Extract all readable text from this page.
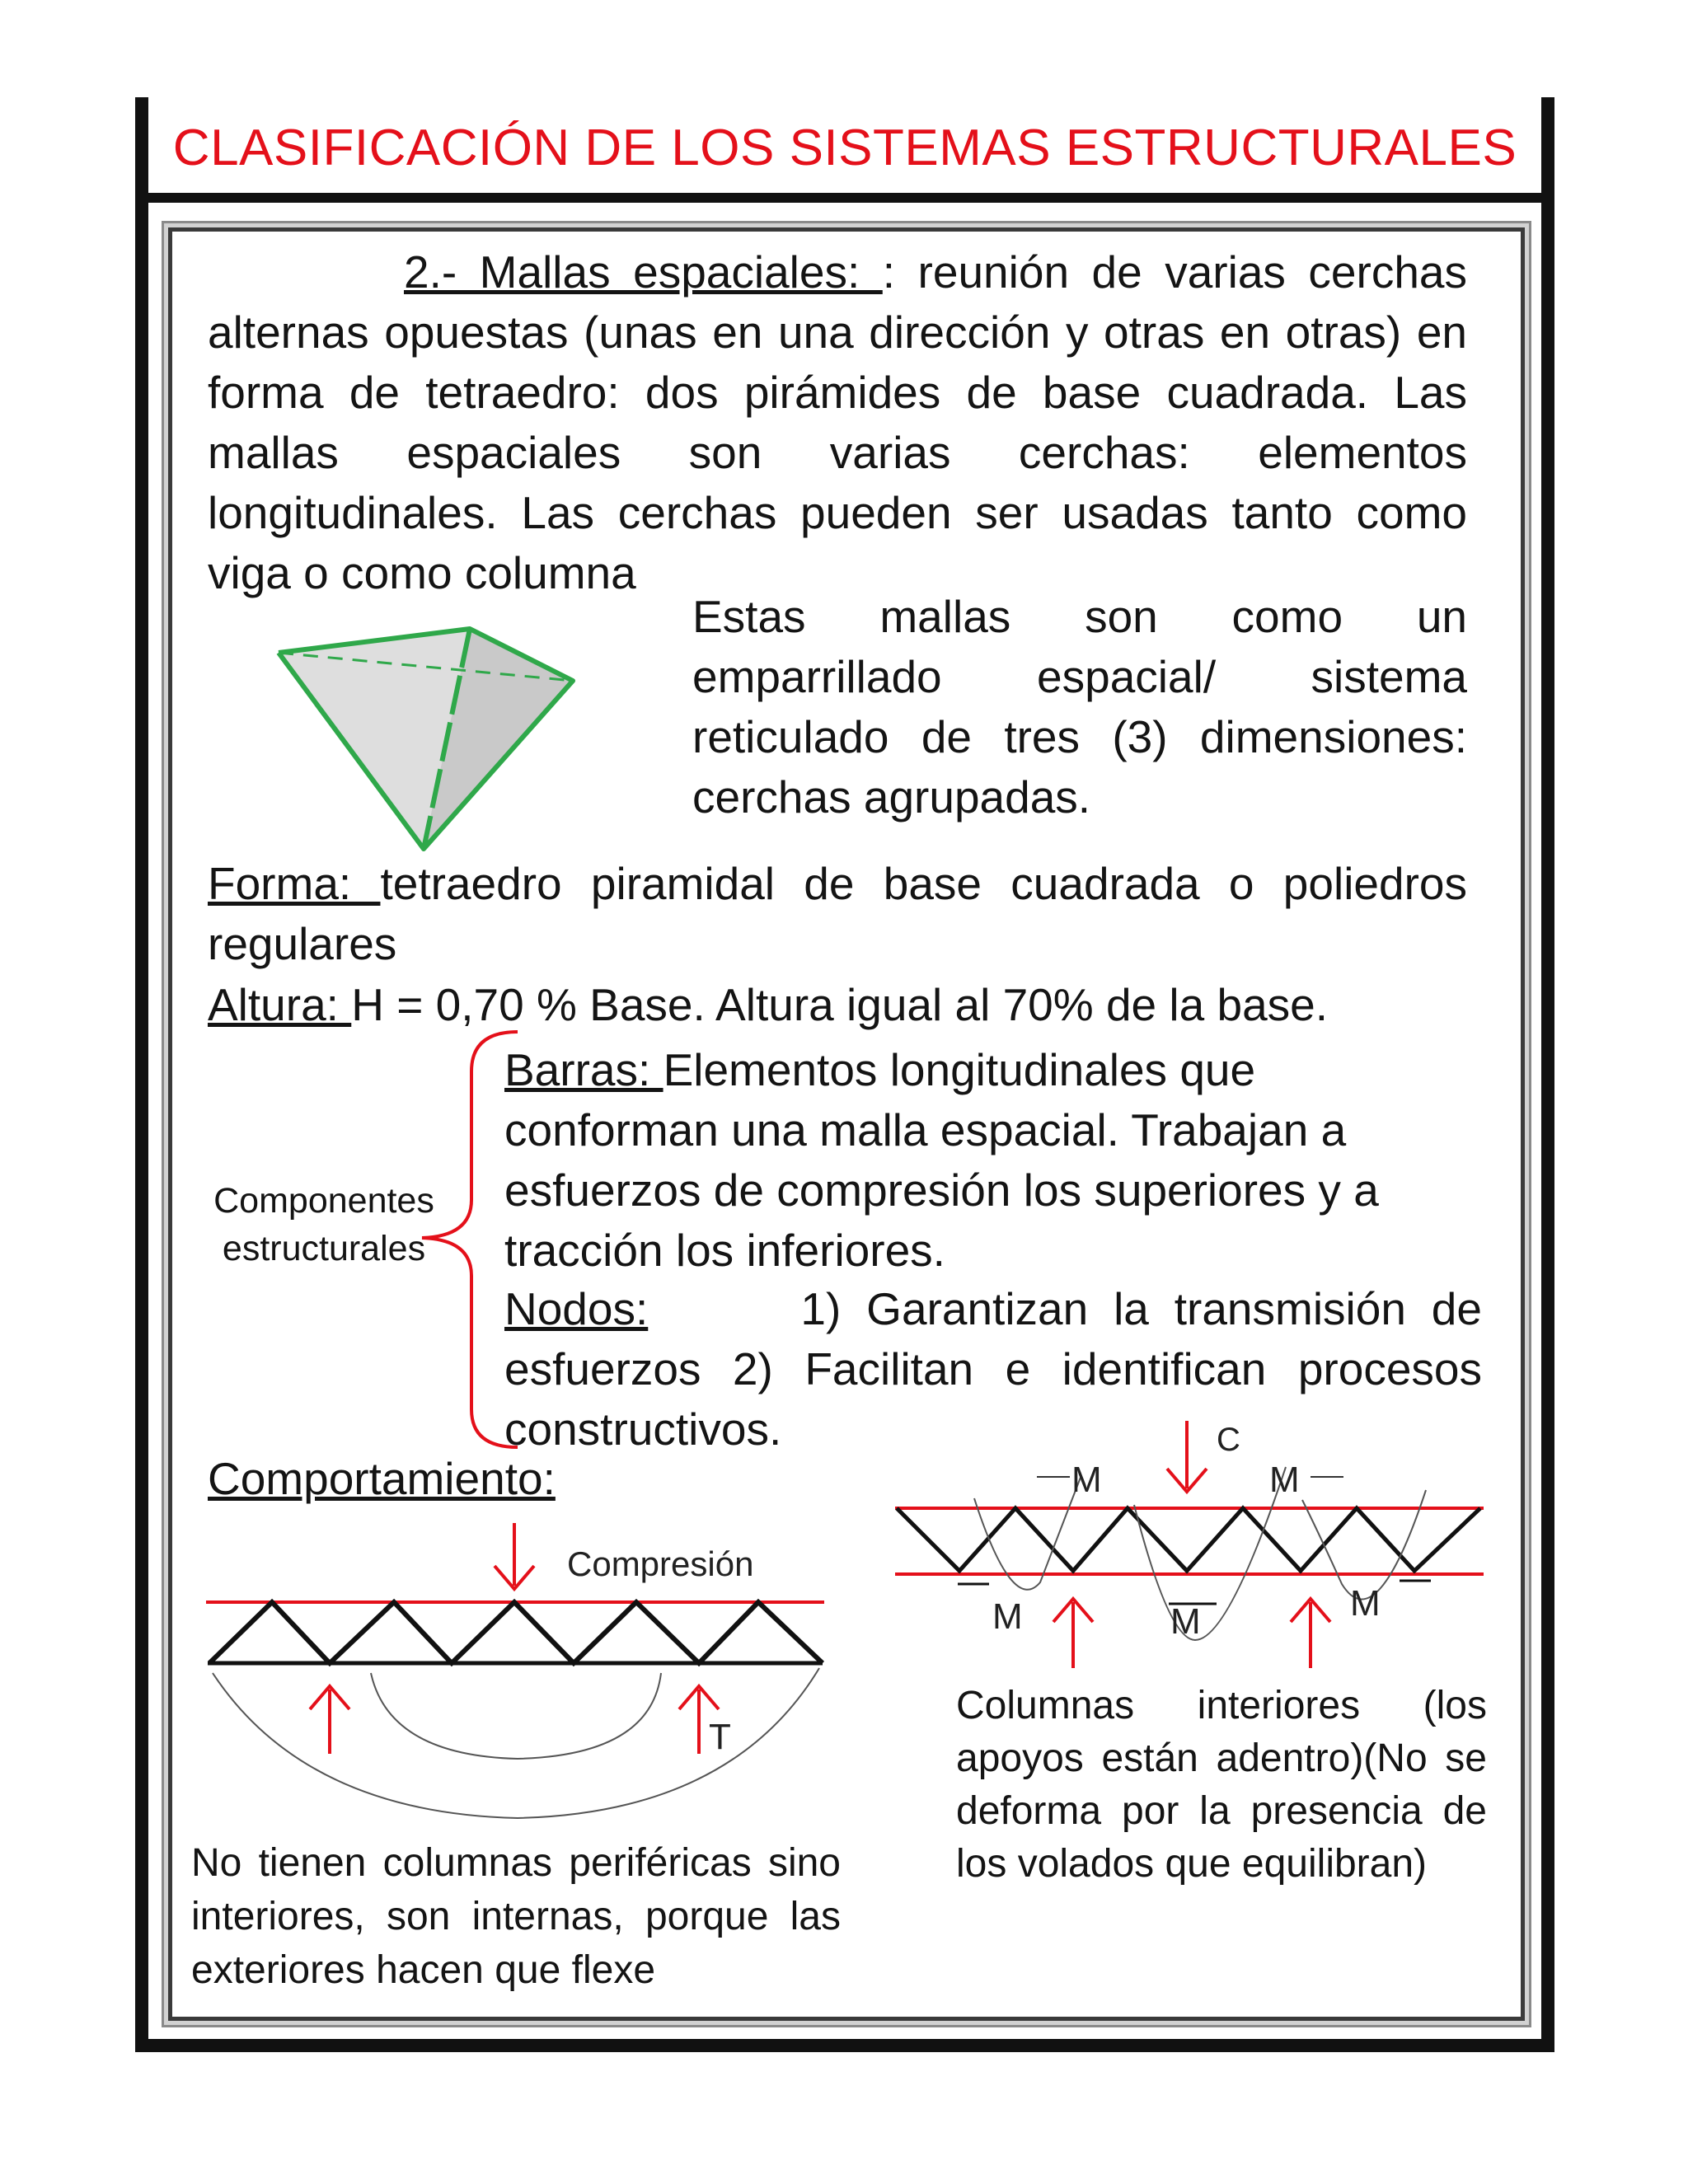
CLASIFICACIÓN DE LOS SISTEMAS ESTRUCTURALES
2.- Mallas espaciales: : reunión de varias cerchas alternas opuestas (unas en una dirección y otras en otras) en forma de tetraedro: dos pirámides de base cuadrada. Las mallas espaciales son varias cerchas: elementos longitudinales. Las cerchas pueden ser usadas tanto como viga o como columna
Estas mallas son como un emparrillado espacial/ sistema reticulado de tres (3) dimensiones: cerchas agrupadas.
Forma: tetraedro piramidal de base cuadrada o poliedros regulares
Altura: H = 0,70 % Base. Altura igual al 70% de la base.
Componentes estructurales
Barras: Elementos longitudinales que conforman una malla espacial. Trabajan a esfuerzos de compresión los superiores y a tracción los inferiores.
Nodos:	1) Garantizan la transmisión de esfuerzos 2) Facilitan e identifican procesos constructivos.
Comportamiento:
Compresión
T
C
M	M
M	M	M
No tienen columnas periféricas sino interiores, son internas, porque las exteriores hacen que flexe
Columnas interiores (los apoyos están adentro)(No se deforma por la presencia de los volados que equilibran)
